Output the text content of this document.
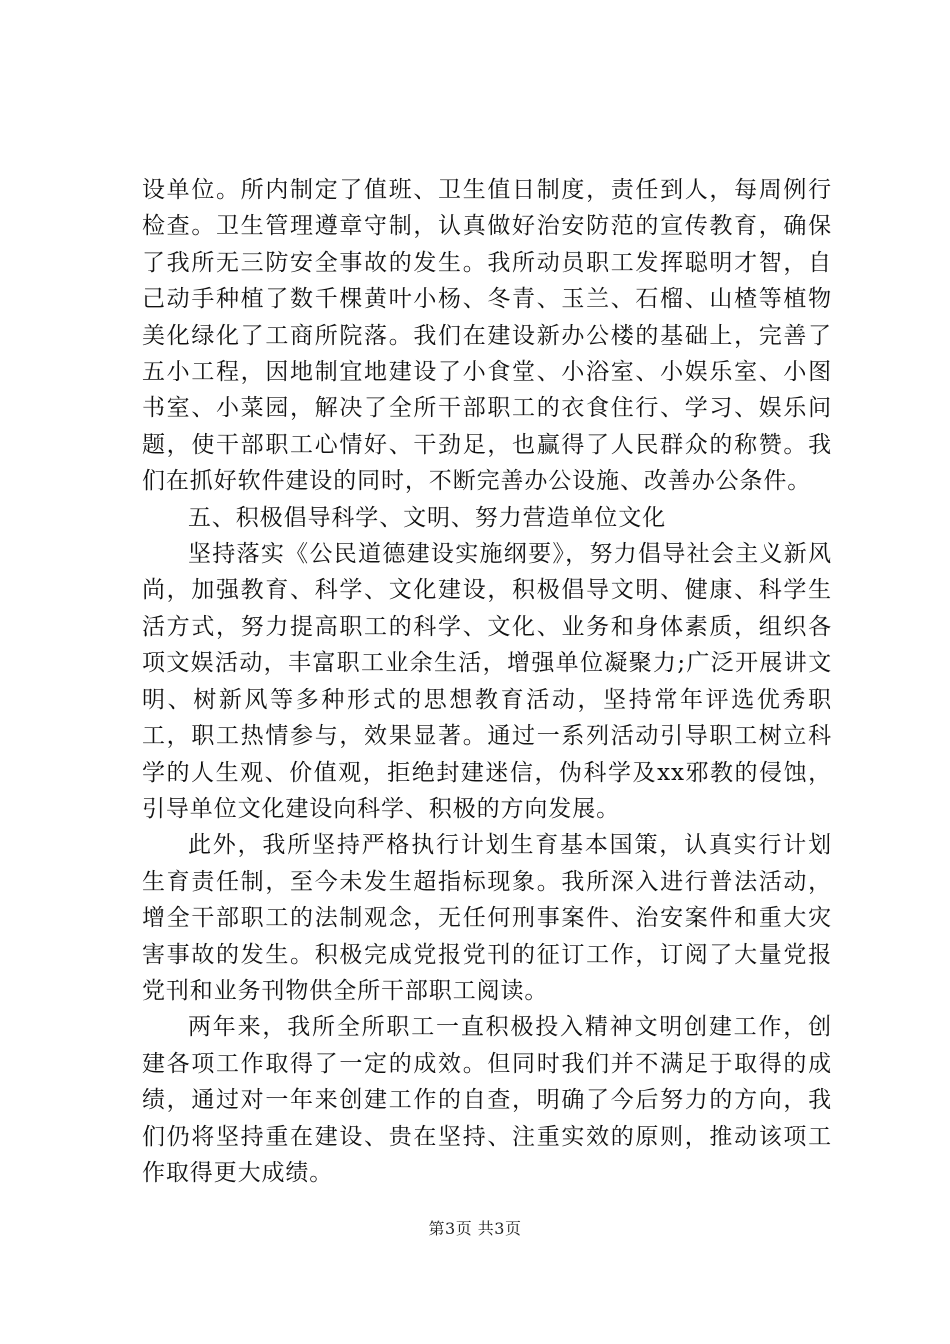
设单位。所内制定了值班、卫生值日制度，责任到人，每周例行检查。卫生管理遵章守制，认真做好治安防范的宣传教育，确保了我所无三防安全事故的发生。我所动员职工发挥聪明才智，自己动手种植了数千棵黄叶小杨、冬青、玉兰、石榴、山楂等植物美化绿化了工商所院落。我们在建设新办公楼的基础上，完善了五小工程，因地制宜地建设了小食堂、小浴室、小娱乐室、小图书室、小菜园，解决了全所干部职工的衣食住行、学习、娱乐问题，使干部职工心情好、干劲足，也赢得了人民群众的称赞。我们在抓好软件建设的同时，不断完善办公设施、改善办公条件。

五、积极倡导科学、文明、努力营造单位文化

坚持落实《公民道德建设实施纲要》，努力倡导社会主义新风尚，加强教育、科学、文化建设，积极倡导文明、健康、科学生活方式，努力提高职工的科学、文化、业务和身体素质，组织各项文娱活动，丰富职工业余生活，增强单位凝聚力;广泛开展讲文明、树新风等多种形式的思想教育活动，坚持常年评选优秀职工，职工热情参与，效果显著。通过一系列活动引导职工树立科学的人生观、价值观，拒绝封建迷信，伪科学及xx邪教的侵蚀，引导单位文化建设向科学、积极的方向发展。

此外，我所坚持严格执行计划生育基本国策，认真实行计划生育责任制，至今未发生超指标现象。我所深入进行普法活动，增全干部职工的法制观念，无任何刑事案件、治安案件和重大灾害事故的发生。积极完成党报党刊的征订工作，订阅了大量党报党刊和业务刊物供全所干部职工阅读。

两年来，我所全所职工一直积极投入精神文明创建工作，创建各项工作取得了一定的成效。但同时我们并不满足于取得的成绩，通过对一年来创建工作的自查，明确了今后努力的方向，我们仍将坚持重在建设、贵在坚持、注重实效的原则，推动该项工作取得更大成绩。

第3页 共3页
